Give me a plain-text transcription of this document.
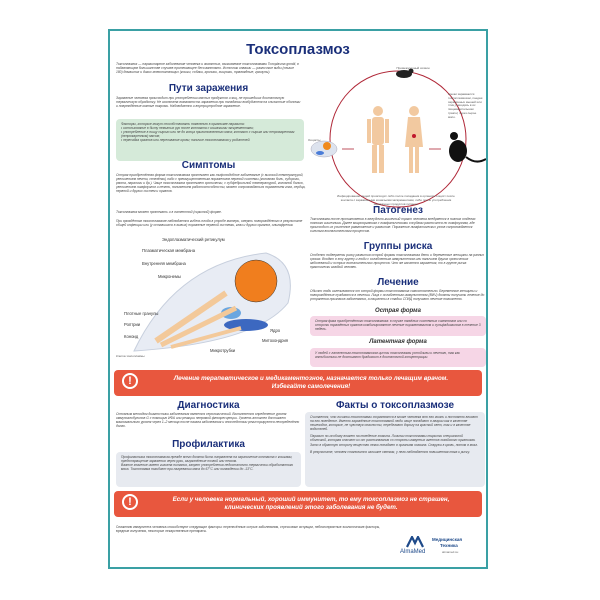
Токсоплазмоз
Токсоплазмоз — паразитарное заболевание человека и животных, вызываемое токсоплазмами Toxoplasma gondii, в подавляющем большинстве случаев протекающее бессимптомно. Источник инвазии — различные виды (свыше 180) домашних и диких млекопитающих (кошки, собаки, кролики, хищники, травоядные, грызуны).
Пути заражения
Заражение человека происходит при употреблении мясных продуктов и яиц, не прошедших достаточную термическую обработку. Не исключена возможность заражения при попадании возбудителя на слизистые оболочки и повреждённые кожные покровы. Наблюдается и внутриутробное заражение.
Факторы, которые могут способствовать появлению в организме паразита:
• использование в быту немытых рук после контакта с кошачьими экскрементами;
• употребление в пищу сырого или не до конца приготовленного мяса; контакт с сырым или непрожаренным (непрожаренным) мясом;
• пересадка органов или переливание крови; наличие токсоплазмоза у родителей.
Промежуточный хозяин
Ооцисты
Кошки заражаются токсоплазмозом, поедая заражённых мышей или птиц (находясь в их пищеварительном тракте) через сырое мясо.
Инфицирование людей происходит либо после попадания в организм ооцист после контакта с заражёнными кошачьими экскрементами, либо после употребления заражённых продуктов питания.
Симптомы
Острая приобретённая форма токсоплазмоза протекает как тифоподобное заболевание (с высокой температурой, увеличением печени, селезёнки) либо с преимущественным поражением нервной системы (головная боль, судороги, рвота, параличи и др.). Чаще токсоплазмоз протекает хронически, с субфебрильной температурой, головной болью, увеличением лимфоузлов и печени, понижением работоспособности, может сопровождаться поражением глаз, сердца, нервной и других систем и органов.
Токсоплазмоз может протекать и в латентной (скрытой) форме.
При врождённом токсоплазмозе наблюдается гибель плода в утробе матери, смерть новорождённого в результате общей инфекции или (у оставшихся в живых) поражение нервной системы, глаз и других органов, олигофрения.
Эндоплазматический ретикулум
Плазматическая мембрана
Внутренняя мембрана
Микронемы
Плотные гранулы
Роптрии
Коноид
Ядро
Митохондрия
Микротрубки
Клетка токсоплазмы
Патогенез
Токсоплазма после проникновения в желудочно-кишечный тракт человека внедряется в нижних отделах тонкого кишечника. Далее микроорганизм с лимфатическими сосудами разносится по лимфоузлам, где происходит их усиленное размножение и развитие. Поражение лимфатических узлов сопровождается сильным воспалительным процессом.
Группы риска
Особенно подвержены риску развития острой формы токсоплазмоза дети и беременные женщины на ранних сроках. Входят в эту группу и люди с ослабленным иммунитетом или наличием других хронических заболеваний и острых воспалительных процессов. Что же касается заражения, то в группе риска практически каждый человек.
Лечение
Обычно люди излечиваются от острой формы токсоплазмоза самостоятельно. Беременные женщины и новорождённые нуждаются в лечении. Лица с ослабленным иммунитетом (ВИЧ) должны получать лечение до устранения признаков заболевания, а пациенты в стадии СПИД получают лечение пожизненно.
Острая форма
Острая фаза приобретённого токсоплазмоза: в случае тяжёлых системных симптомов или со стороны поражённых органов комбинированное лечение пириметамином и сульфадиазином в течение 3 недель.
Латентная форма
У людей с латентным токсоплазмозом цисты токсоплазмы устойчивы к лечению, так как антибиотики не достигают брадизоит в достаточной концентрации.
!	Лечение терапевтическое и медикаментозное, назначается только лечащим врачом.
Избегайте самолечения!
Диагностика
Основным методом диагностики заболевания является серологический. Выполняется определение уровня иммуноглобулинов G с помощью ИФА или реакции непрямой флюоресценции. Уровень антител достигает максимального уровня через 1–2 месяца после начала заболевания и впоследствии регистрируется неопределённо долго.
Профилактика
Профилактика токсоплазмоза прежде всего должна быть направлена на ограничение контакта с кошками, предотвращение заражения через руки, загрязнённые почвой или песком.
Важное значение имеет гигиена питания, запрет употребления недостаточно термически обработанного мяса. Токсоплазма погибает при нагревании мяса до 67°C или охлаждении до -13°C.
Факты о токсоплазмозе
Считается, что личинки токсоплазмы сохраняются в мозге человека всю его жизнь и постоянно влияют на его поведение. Именно заражённые токсоплазмой люди чаще попадают в аварии как в качестве пешеходов, которые, не чувствуя опасности, перебегают дорогу на красный свет, так и в качестве водителей.
Паразит по-особому влияет на поведение хозяина. Личинки токсоплазмы покрыты специальной оболочкой, которая спасает их от распознавания со стороны иммунных агентов хозяйского организма. Зато в обратную сторону вещество легко попадает в организм хозяина. Снаружи в кровь, потом в мозг.
В результате, человек становится излишне смелым, у него наблюдается повышенная тяга к риску.
!	Если у человека нормальный, хороший иммунитет, то ему токсоплазмоз не страшен,
клинических проявлений этого заболевания не будет.
Снижению иммунитета человека способствуют следующие факторы: перенесённые острые заболевания, стрессовые ситуации, неблагоприятные экологические факторы, вредные излучения, некоторые лекарственные препараты.
AlmaMed
Медицинская
Техника
almamed.su
